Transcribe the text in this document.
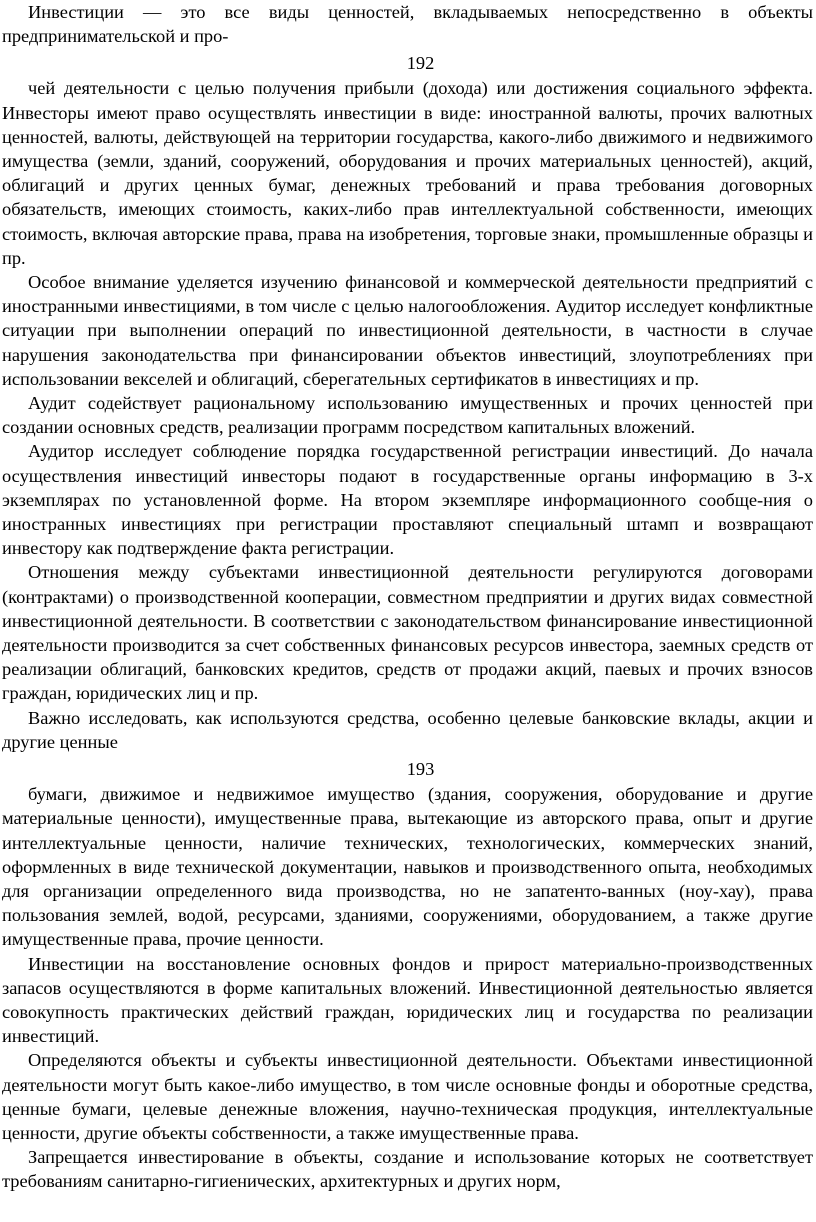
Инвестиции — это все виды ценностей, вкладываемых непосредственно в объекты предпринимательской и про-

192

чей деятельности с целью получения прибыли (дохода) или достижения социального эффекта. Инвесторы имеют право осуществлять инвестиции в виде: иностранной валюты, прочих валютных ценностей, валюты, действующей на территории государства, какого-либо движимого и недвижимого имущества (земли, зданий, сооружений, оборудования и прочих материальных ценностей), акций, облигаций и других ценных бумаг, денежных требований и права требования договорных обязательств, имеющих стоимость, каких-либо прав интеллектуальной собственности, имеющих стоимость, включая авторские права, права на изобретения, торговые знаки, промышленные образцы и пр.

Особое внимание уделяется изучению финансовой и коммерческой деятельности предприятий с иностранными инвестициями, в том числе с целью налогообложения. Аудитор исследует конфликтные ситуации при выполнении операций по инвестиционной деятельности, в частности в случае нарушения законодательства при финансировании объектов инвестиций, злоупотреблениях при использовании векселей и облигаций, сберегательных сертификатов в инвестициях и пр.

Аудит содействует рациональному использованию имущественных и прочих ценностей при создании основных средств, реализации программ посредством капитальных вложений.

Аудитор исследует соблюдение порядка государственной регистрации инвестиций. До начала осуществления инвестиций инвесторы подают в государственные органы информацию в 3-х экземплярах по установленной форме. На втором экземпляре информационного сообще-ния о иностранных инвестициях при регистрации проставляют специальный штамп и возвращают инвестору как подтверждение факта регистрации.

Отношения между субъектами инвестиционной деятельности регулируются договорами (контрактами) о производственной кооперации, совместном предприятии и других видах совместной инвестиционной деятельности. В соответствии с законодательством финансирование инвестиционной деятельности производится за счет собственных финансовых ресурсов инвестора, заемных средств от реализации облигаций, банковских кредитов, средств от продажи акций, паевых и прочих взносов граждан, юридических лиц и пр.

Важно исследовать, как используются средства, особенно целевые банковские вклады, акции и другие ценные

193

бумаги, движимое и недвижимое имущество (здания, сооружения, оборудование и другие материальные ценности), имущественные права, вытекающие из авторского права, опыт и другие интеллектуальные ценности, наличие технических, технологических, коммерческих знаний, оформленных в виде технической документации, навыков и производственного опыта, необходимых для организации определенного вида производства, но не запатенто-ванных (ноу-хау), права пользования землей, водой, ресурсами, зданиями, сооружениями, оборудованием, а также другие имущественные права, прочие ценности.

Инвестиции на восстановление основных фондов и прирост материально-производственных запасов осуществляются в форме капитальных вложений. Инвестиционной деятельностью является совокупность практических действий граждан, юридических лиц и государства по реализации инвестиций.

Определяются объекты и субъекты инвестиционной деятельности. Объектами инвестиционной деятельности могут быть какое-либо имущество, в том числе основные фонды и оборотные средства, ценные бумаги, целевые денежные вложения, научно-техническая продукция, интеллектуальные ценности, другие объекты собственности, а также имущественные права.

Запрещается инвестирование в объекты, создание и использование которых не соответствует требованиям санитарно-гигиенических, архитектурных и других норм,
